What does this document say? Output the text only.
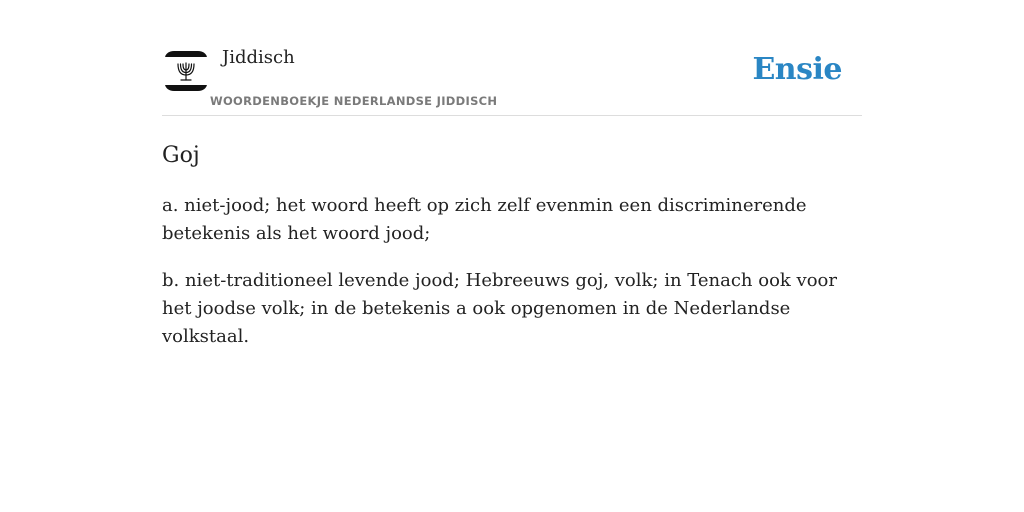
Jiddisch
WOORDENBOEKJE NEDERLANDSE JIDDISCH
Ensie
Goj

a. niet-jood; het woord heeft op zich zelf evenmin een discriminerende betekenis als het woord jood;

b. niet-traditioneel levende jood; Hebreeuws goj, volk; in Tenach ook voor het joodse volk; in de betekenis a ook opgenomen in de Nederlandse volkstaal.
